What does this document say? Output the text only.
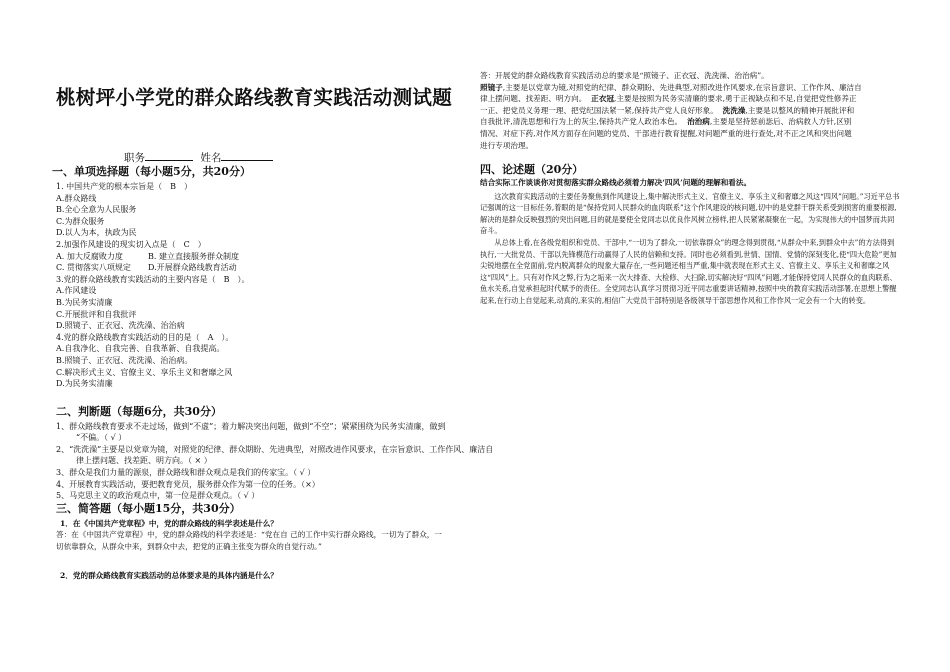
桃树坪小学党的群众路线教育实践活动测试题
职务	姓名
一、单项选择题（每小题5分，共20分）
1. 中国共产党的根本宗旨是（　B　）
A.群众路线
B.全心全意为人民服务
C.为群众服务
D.以人为本，执政为民
2.加强作风建设的现实切入点是（　C　）
A. 加大反腐败力度	B. 建立直接服务群众制度
C. 贯彻落实八项规定	D.开展群众路线教育活动
3.党的群众路线教育实践活动的主要内容是（　B　）。
A.作风建设
B.为民务实清廉
C.开展批评和自我批评
D.照镜子、正衣冠、洗洗澡、治治病
4.党的群众路线教育实践活动的目的是（　A　）。
A.自我净化、自我完善、自我革新、自我提高。
B.照镜子、正衣冠、洗洗澡、治治病。
C.解决形式主义、官僚主义、享乐主义和奢靡之风
D.为民务实清廉
二、判断题（每题6分，共30分）
1、群众路线教育要求不走过场，做到“不虚”；着力解决突出问题，做到“不空”；紧紧围绕为民务实清廉，做到
“不偏。（ √ ）
2、“洗洗澡”主要是以党章为镜，对照党的纪律、群众期盼、先进典型，对照改进作风要求，在宗旨意识、工作作风、廉洁自
律上摆问题、找差距、明方向。（ × ）
3、群众是我们力量的源泉，群众路线和群众观点是我们的传家宝。（ √ ）
4、开展教育实践活动，要把教育党员，服务群众作为第一位的任务。（×）
5、马克思主义的政治观点中，第一位是群众观点。（ √ ）
三、简答题（每小题15分，共30分）
1．在《中国共产党章程》中，党的群众路线的科学表述是什么？
答：在《中国共产党章程》中，党的群众路线的科学表述是：“党在自 己的工作中实行群众路线，一切为了群众，一
切依靠群众，从群众中来，到群众中去，把党的正确主张变为群众的自觉行动。”
2．党的群众路线教育实践活动的总体要求是的具体内涵是什么？
答：开展党的群众路线教育实践活动总的要求是“照镜子、正衣冠、洗洗澡、治治病”。
照镜子,主要是以党章为镜,对照党的纪律、群众期盼、先进典型,对照改进作风要求,在宗旨意识、工作作风、廉洁自
律上摆问题、找差距、明方向。 正衣冠,主要是按照为民务实清廉的要求,勇于正视缺点和不足,自觉把党性修养正
一正、把党员义务理一理、把党纪国法紧一紧,保持共产党人良好形象。 洗洗澡,主要是以整风的精神开展批评和
自我批评,清洗思想和行为上的灰尘,保持共产党人政治本色。 治治病,主要是坚持惩前毖后、治病救人方针,区别
情况、对症下药,对作风方面存在问题的党员、干部进行教育提醒,对问题严重的进行查处,对不正之风和突出问题
进行专项治理。
四、论述题（20分）
结合实际工作谈谈你对贯彻落实群众路线必须着力解决‘四风’问题的理解和看法。

这次教育实践活动的主要任务聚焦到作风建设上,集中解决形式主义、官僚主义、享乐主义和奢靡之风这“四风”问题。”习近平总书记强调的这一目标任务,着眼的是“保持党同人民群众的血肉联系”这个作风建设的核问题,切中的是党群干群关系受到损害的重要根源,解决的是群众反映强烈的突出问题,目的就是要使全党同志以优良作风树立榜样,把人民紧紧凝聚在一起，为实现伟大的中国梦而共同奋斗。

从总体上看,在各级党组织和党员、干部中,“一切为了群众,一切依靠群众”的理念得到贯彻,“从群众中来,到群众中去”的方法得到执行,一大批党员、干部以先锋模范行动赢得了人民的信赖和支持。同时也必须看到,世情、国情、党情的深刻变化,使“四大危险”更加尖锐地摆在全党面前,党内脱离群众的现象大量存在,一些问题还相当严重,集中就表现在形式主义、官僚主义、享乐主义和奢靡之风这“四风”上。只有对作风之弊,行为之垢来一次大排查、大检修、大扫除,切实解决好“四风”问题,才能保持党同人民群众的血肉联系、鱼水关系,自觉承担起时代赋予的责任。全党同志认真学习贯彻习近平同志重要讲话精神,按照中央的教育实践活动部署,在思想上警醒起来,在行动上自觉起来,动真的,来实的,相信广大党员干部特别是各级领导干部思想作风和工作作风一定会有一个大的转变。
